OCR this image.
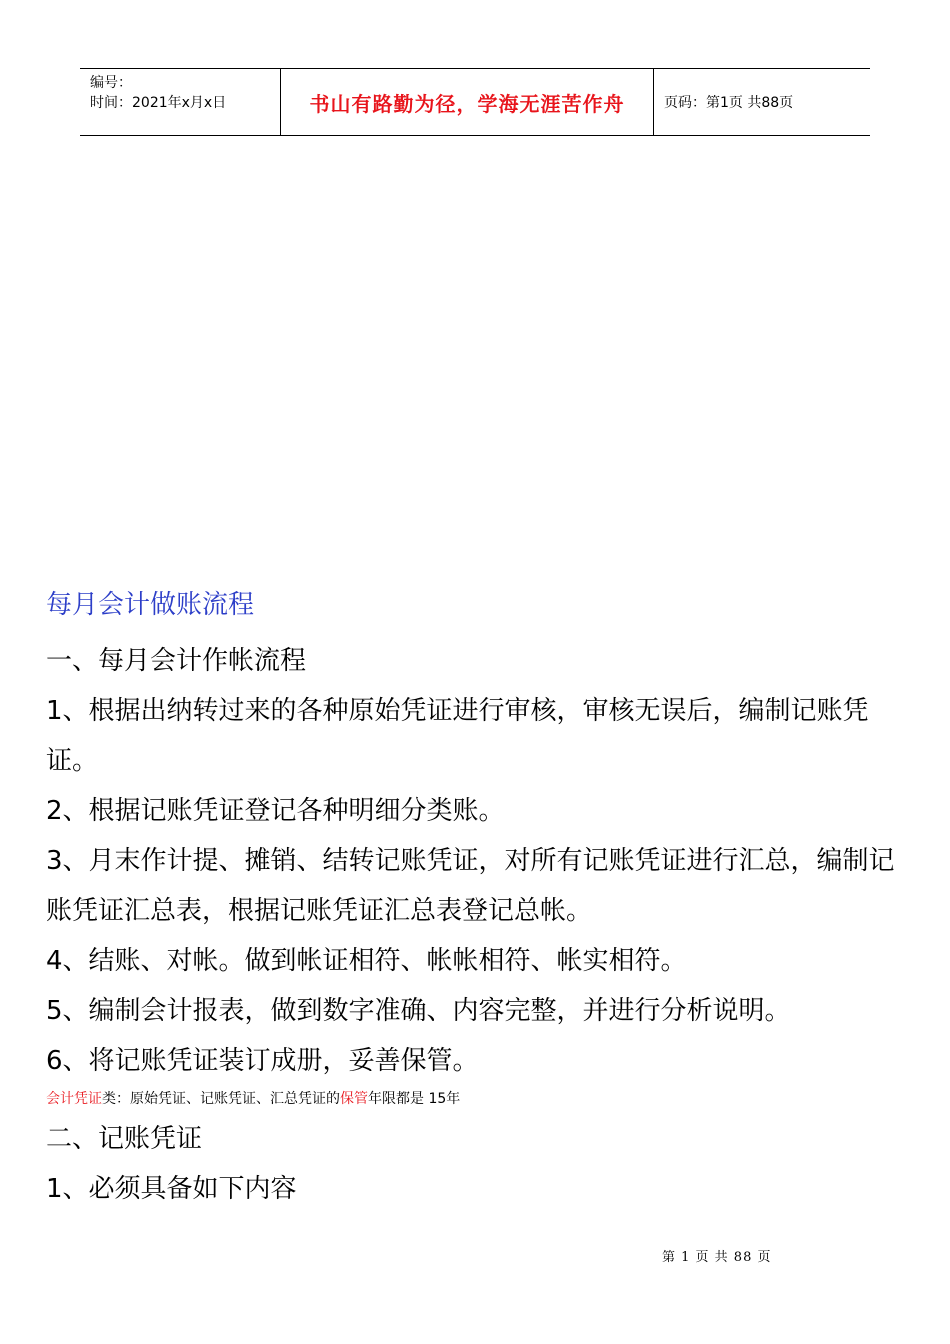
编号：
时间：2021年x月x日	书山有路勤为径，学海无涯苦作舟	页码：第1页 共88页
每月会计做账流程

一、每月会计作帐流程

1、根据出纳转过来的各种原始凭证进行审核，审核无误后，编制记账凭证。

2、根据记账凭证登记各种明细分类账。

3、月末作计提、摊销、结转记账凭证，对所有记账凭证进行汇总，编制记账凭证汇总表，根据记账凭证汇总表登记总帐。

4、结账、对帐。做到帐证相符、帐帐相符、帐实相符。

5、编制会计报表，做到数字准确、内容完整，并进行分析说明。

6、将记账凭证装订成册，妥善保管。

会计凭证类：原始凭证、记账凭证、汇总凭证的保管年限都是 15年

二、记账凭证

1、必须具备如下内容

第 1 页 共 88 页
